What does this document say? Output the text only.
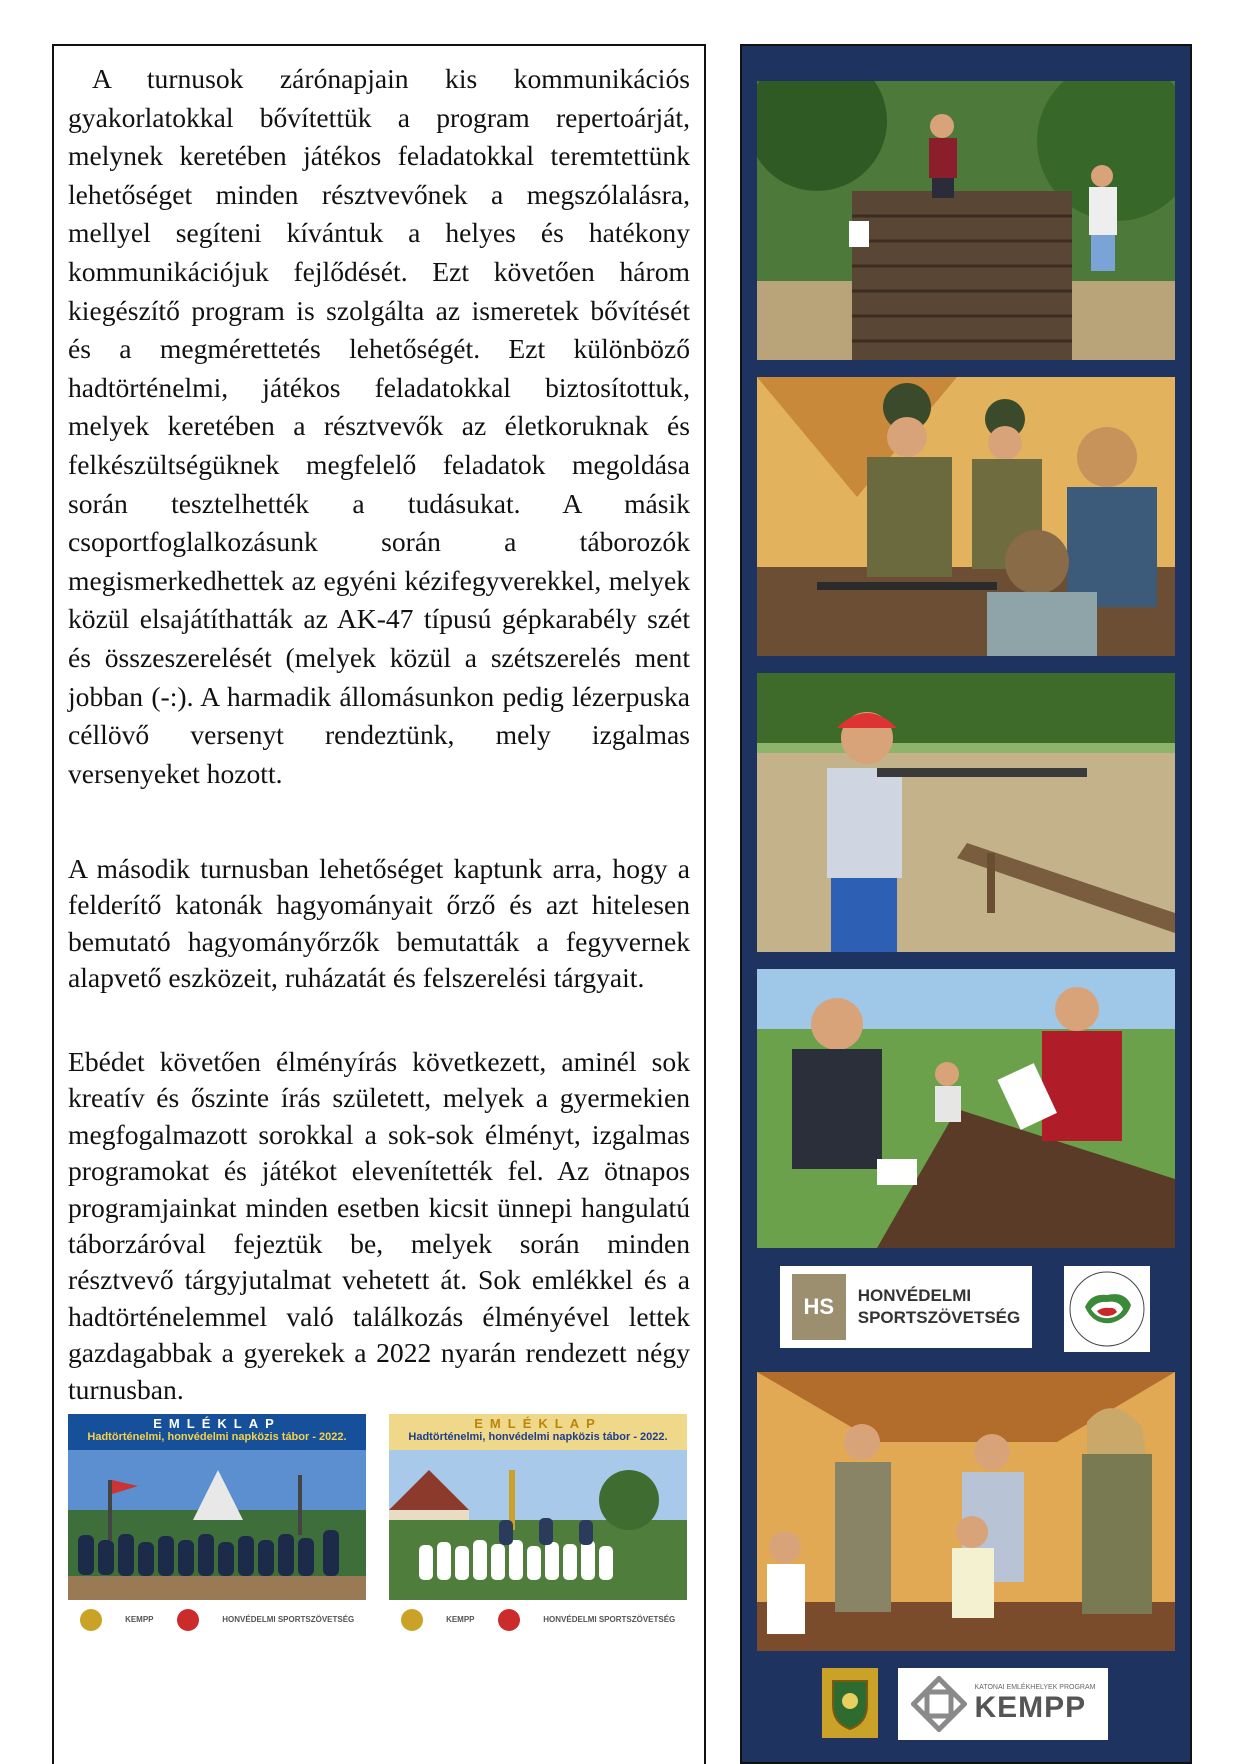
A turnusok zárónapjain kis kommunikációs gyakorlatokkal bővítettük a program repertoárját, melynek keretében játékos feladatokkal teremtettünk lehetőséget minden résztvevőnek a megszólalásra, mellyel segíteni kívántuk a helyes és hatékony kommunikációjuk fejlődését. Ezt követően három kiegészítő program is szolgálta az ismeretek bővítését és a megmérettetés lehetőségét. Ezt különböző hadtörténelmi, játékos feladatokkal biztosítottuk, melyek keretében a résztvevők az életkoruknak és felkészültségüknek megfelelő feladatok megoldása során tesztelhették a tudásukat. A másik csoportfoglalkozásunk során a táborozók megismerkedhettek az egyéni kézifegyverekkel, melyek közül elsajátíthatták az AK-47 típusú gépkarabély szét és összeszerelését (melyek közül a szétszerelés ment jobban (-:). A harmadik állomásunkon pedig lézerpuska céllövő versenyt rendeztünk, mely izgalmas versenyeket hozott.

A második turnusban lehetőséget kaptunk arra, hogy a felderítő katonák hagyományait őrző és azt hitelesen bemutató hagyományőrzők bemutatták a fegyvernek alapvető eszközeit, ruházatát és felszerelési tárgyait.

Ebédet követően élményírás következett, aminél sok kreatív és őszinte írás született, melyek a gyermekien megfogalmazott sorokkal a sok-sok élményt, izgalmas programokat és játékot elevenítették fel. Az ötnapos programjainkat minden esetben kicsit ünnepi hangulatú táborzáróval fejeztük be, melyek során minden résztvevő tárgyjutalmat vehetett át. Sok emlékkel és a hadtörténelemmel való találkozás élményével lettek gazdagabbak a gyerekek a 2022 nyarán rendezett négy turnusban.

EMLÉKLAP
Hadtörténelmi, honvédelmi napközis tábor - 2022.
KEMPP	HONVÉDELMI SPORTSZÖVETSÉG
EMLÉKLAP
Hadtörténelmi, honvédelmi napközis tábor - 2022.
KEMPP	HONVÉDELMI SPORTSZÖVETSÉG
HS	HONVÉDELMI
SPORTSZÖVETSÉG
KATONAI EMLÉKHELYEK PROGRAM
KEMPP
